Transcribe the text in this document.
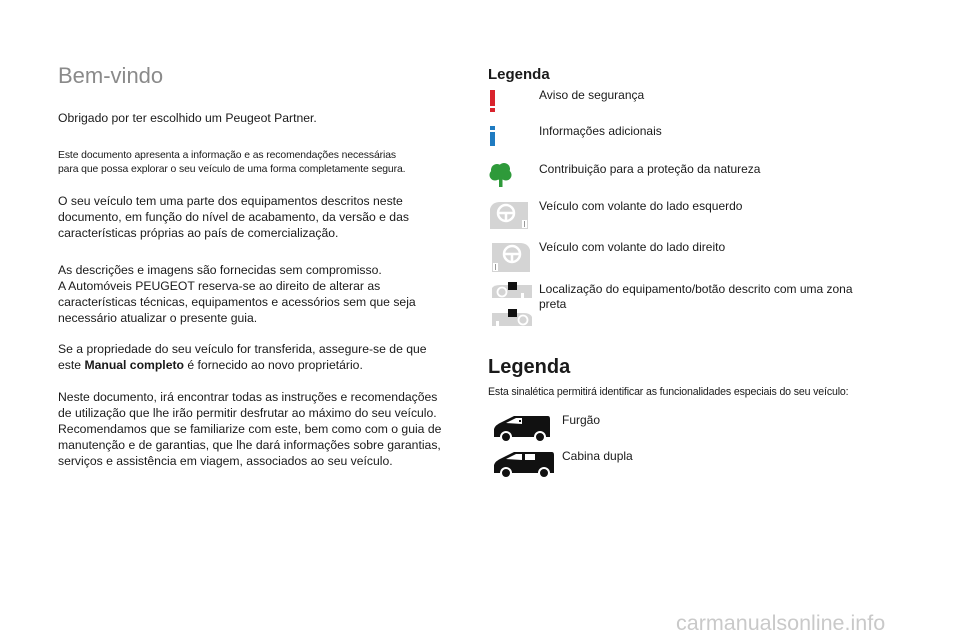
Bem-vindo

Obrigado por ter escolhido um Peugeot Partner.

Este documento apresenta a informação e as recomendações necessárias
para que possa explorar o seu veículo de uma forma completamente segura.
O seu veículo tem uma parte dos equipamentos descritos neste
documento, em função do nível de acabamento, da versão e das
características próprias ao país de comercialização.
As descrições e imagens são fornecidas sem compromisso.
A Automóveis PEUGEOT reserva-se ao direito de alterar as
características técnicas, equipamentos e acessórios sem que seja
necessário atualizar o presente guia.
Se a propriedade do seu veículo for transferida, assegure-se de que
este Manual completo é fornecido ao novo proprietário.
Neste documento, irá encontrar todas as instruções e recomendações
de utilização que lhe irão permitir desfrutar ao máximo do seu veículo.
Recomendamos que se familiarize com este, bem como com o guia de
manutenção e de garantias, que lhe dará informações sobre garantias,
serviços e assistência em viagem, associados ao seu veículo.
Legenda
Aviso de segurança
Informações adicionais
Contribuição para a proteção da natureza
Veículo com volante do lado esquerdo
Veículo com volante do lado direito
Localização do equipamento/botão descrito com uma zona
preta
Legenda

Esta sinalética permitirá identificar as funcionalidades especiais do seu veículo:

Furgão
Cabina dupla
carmanualsonline.info
